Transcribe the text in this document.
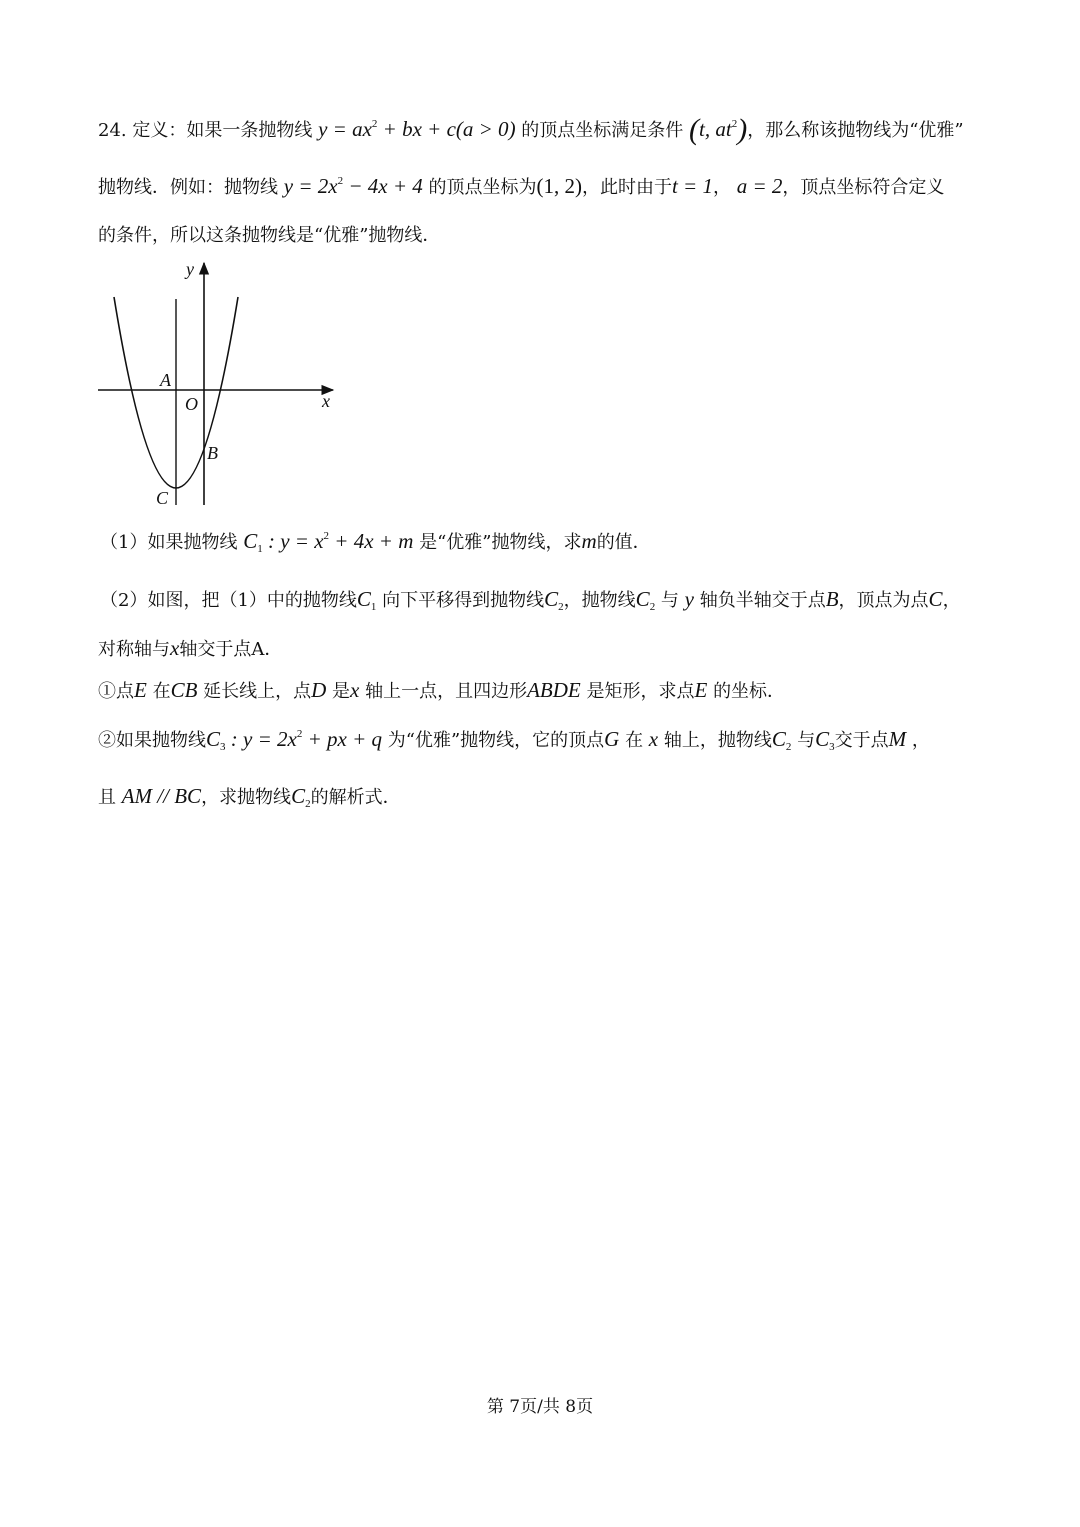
24. 定义：如果一条抛物线 $y = ax^2$ + bx + c(a > 0) 的顶点坐标满足条件 (t, $at^2$)，那么称该抛物线为“优雅”
抛物线．例如：抛物线 $y = 2x^2 - 4x + 4$ 的顶点坐标为(1, 2)，此时由于t = 1， a = 2，顶点坐标符合定义
的条件，所以这条抛物线是“优雅”抛物线．
y
x
A
O
B
C
（1）如果抛物线 $C_1$ : $y = x^2 + 4x + m$ 是“优雅”抛物线，求m的值．
（2）如图，把（1）中的抛物线$C_1$ 向下平移得到抛物线$C_2$，抛物线$C_2$ 与 y 轴负半轴交于点B，顶点为点C，
对称轴与x轴交于点A．
①点E 在CB 延长线上，点D 是x 轴上一点，且四边形ABDE 是矩形，求点E 的坐标．
②如果抛物线$C_3$ : $y = 2x^2$ + px + q 为“优雅”抛物线，它的顶点G 在 x 轴上，抛物线$C_2$ 与$C_3$交于点M ，
且 AM // BC，求抛物线$C_2$的解析式．
第 7页/共 8页
